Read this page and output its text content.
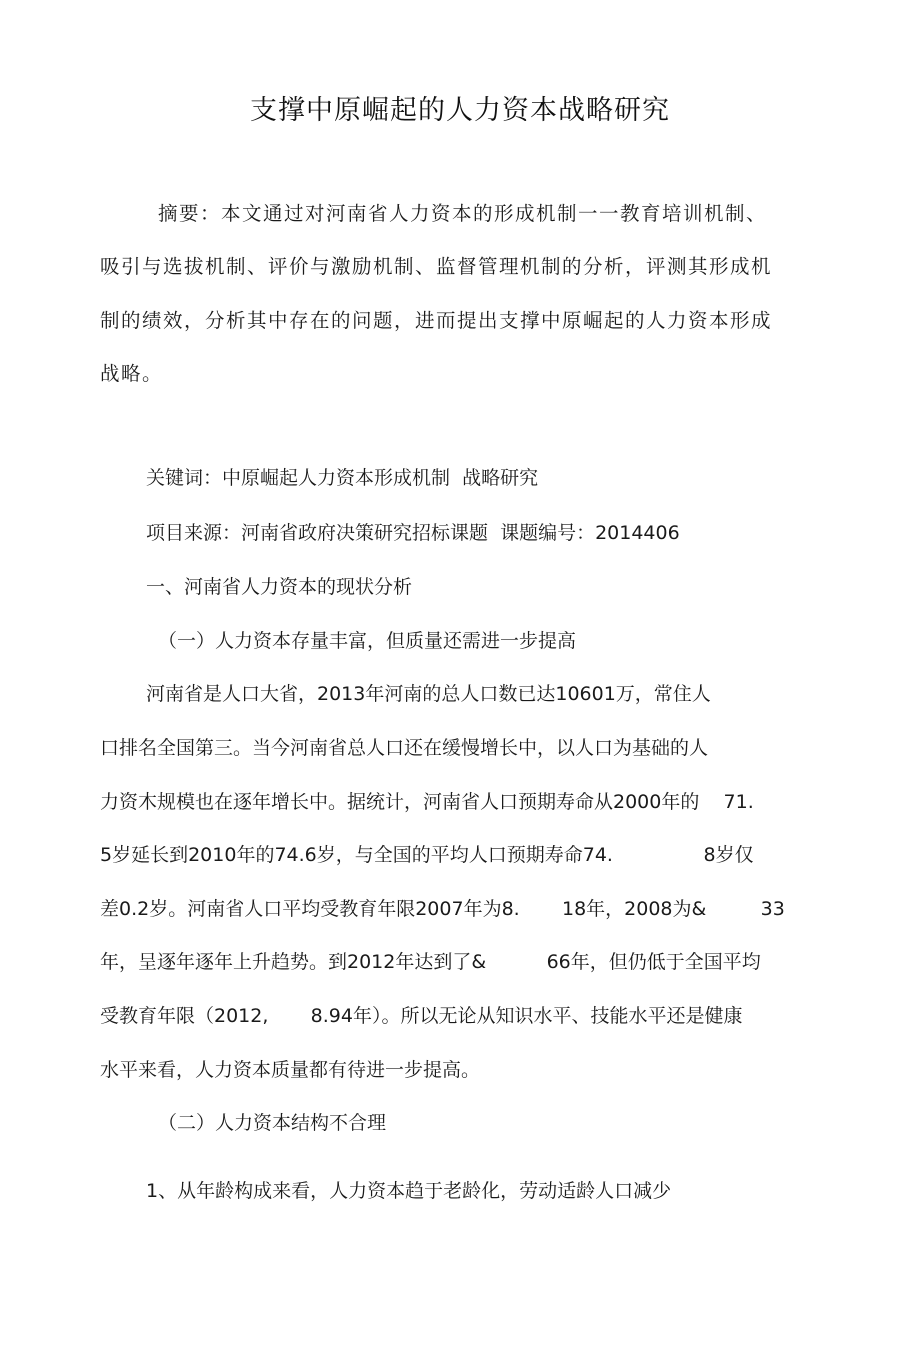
支撑中原崛起的人力资本战略研究
摘要：本文通过对河南省人力资本的形成机制一一教育培训机制、
吸引与选拔机制、评价与激励机制、监督管理机制的分析，评测其形成机
制的绩效，分析其中存在的问题，进而提出支撑中原崛起的人力资本形成
战略。
关键词：中原崛起人力资本形成机制  战略研究
项目来源：河南省政府决策研究招标课题  课题编号：2014406
一、河南省人力资本的现状分析
（一）人力资本存量丰富，但质量还需进一步提高
河南省是人口大省，2013年河南的总人口数已达10601万，常住人
口排名全国第三。当今河南省总人口还在缓慢增长中，以人口为基础的人
力资木规模也在逐年增长中。据统计，河南省人口预期寿命从2000年的    71.
5岁延长到2010年的74.6岁，与全国的平均人口预期寿命74.               8岁仅
差0.2岁。河南省人口平均受教育年限2007年为8.       18年，2008为&         33
年，呈逐年逐年上升趋势。到2012年达到了&          66年，但仍低于全国平均
受教育年限（2012,       8.94年）。所以无论从知识水平、技能水平还是健康
水平来看，人力资本质量都有待进一步提高。
（二）人力资本结构不合理
1、从年龄构成来看，人力资本趋于老龄化，劳动适龄人口减少
